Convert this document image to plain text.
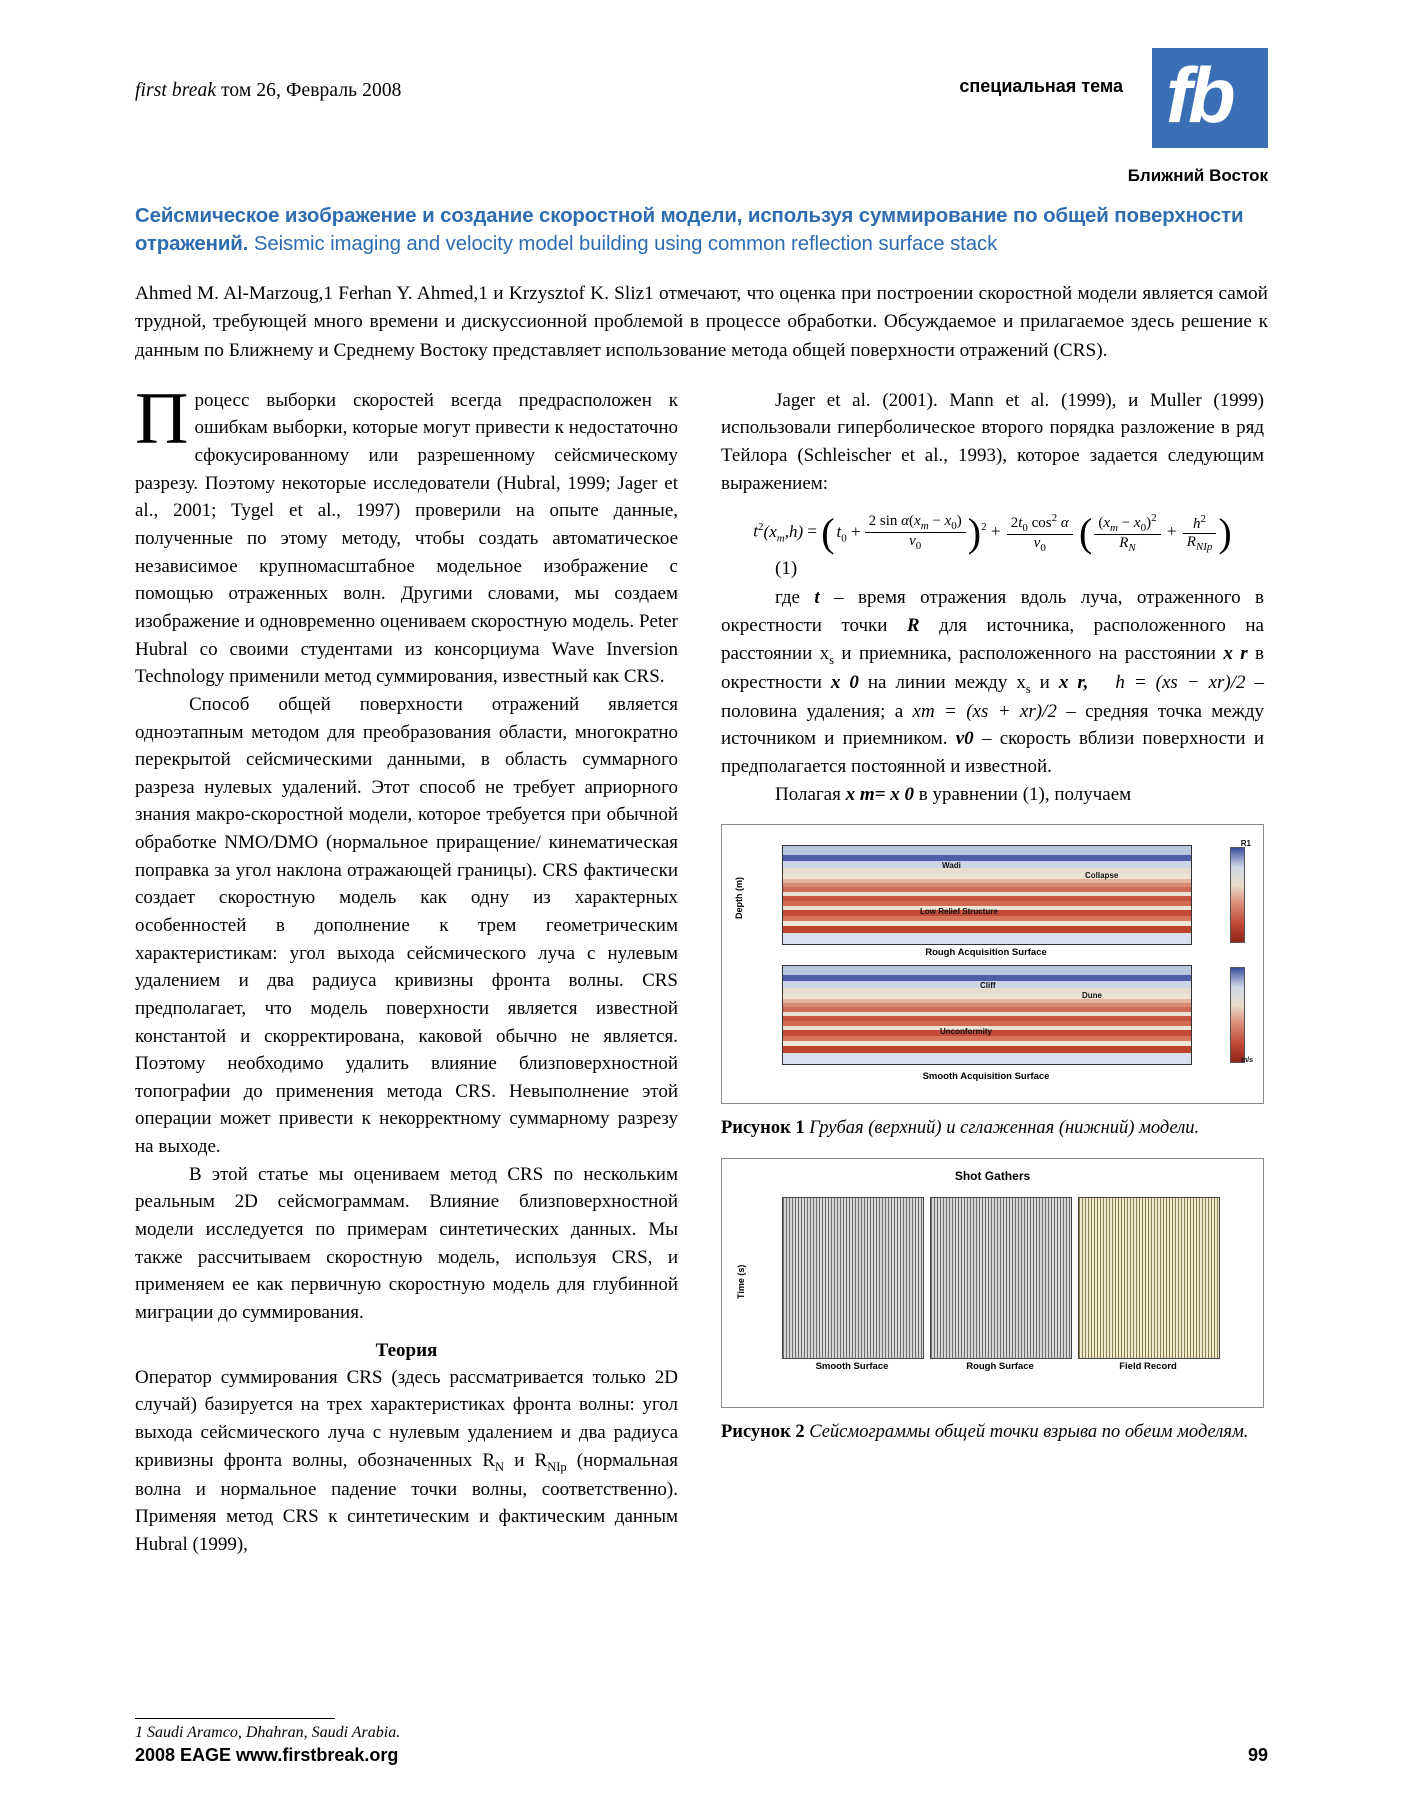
first break том 26, Февраль 2008	специальная тема fb
Ближний Восток
Сейсмическое изображение и создание скоростной модели, используя суммирование по общей поверхности отражений. Seismic imaging and velocity model building using common reflection surface stack
Ahmed M. Al-Marzoug,1 Ferhan Y. Ahmed,1 и Krzysztof K. Sliz1 отмечают, что оценка при построении скоростной модели является самой трудной, требующей много времени и дискуссионной проблемой в процессе обработки. Обсуждаемое и прилагаемое здесь решение к данным по Ближнему и Среднему Востоку представляет использование метода общей поверхности отражений (CRS).

Процесс выборки скоростей всегда предрасположен к ошибкам выборки, которые могут привести к недостаточно сфокусированному или разрешенному сейсмическому разрезу. Поэтому некоторые исследователи (Hubral, 1999; Jager et al., 2001; Tygel et al., 1997) проверили на опыте данные, полученные по этому методу, чтобы создать автоматическое независимое крупномасштабное модельное изображение с помощью отраженных волн. Другими словами, мы создаем изображение и одновременно оцениваем скоростную модель. Peter Hubral со своими студентами из консорциума Wave Inversion Technology применили метод суммирования, известный как CRS.

Способ общей поверхности отражений является одноэтапным методом для преобразования области, многократно перекрытой сейсмическими данными, в область суммарного разреза нулевых удалений. Этот способ не требует априорного знания макро-скоростной модели, которое требуется при обычной обработке NMO/DMO (нормальное приращение/ кинематическая поправка за угол наклона отражающей границы). CRS фактически создает скоростную модель как одну из характерных особенностей в дополнение к трем геометрическим характеристикам: угол выхода сейсмического луча с нулевым удалением и два радиуса кривизны фронта волны. CRS предполагает, что модель поверхности является известной константой и скорректирована, каковой обычно не является. Поэтому необходимо удалить влияние близповерхностной топографии до применения метода CRS. Невыполнение этой операции может привести к некорректному суммарному разрезу на выходе.

В этой статье мы оцениваем метод CRS по нескольким реальным 2D сейсмограммам. Влияние близповерхностной модели исследуется по примерам синтетических данных. Мы также рассчитываем скоростную модель, используя CRS, и применяем ее как первичную скоростную модель для глубинной миграции до суммирования.

Теория

Оператор суммирования CRS (здесь рассматривается только 2D случай) базируется на трех характеристиках фронта волны: угол выхода сейсмического луча с нулевым удалением и два радиуса кривизны фронта волны, обозначенных $R_N$ и $R_{NIp}$ (нормальная волна и нормальное падение точки волны, соответственно). Применяя метод CRS к синтетическим и фактическим данным Hubral (1999),

Jager et al. (2001). Mann et al. (1999), и Muller (1999) использовали гиперболическое второго порядка разложение в ряд Тейлора (Schleischer et al., 1993), которое задается следующим выражением:

$t^2(x_m,h)$ = ( $t_0 + \frac{2 \sin \alpha(x_m - x_0)}{v_0} )^2 + \frac{2t_0 \cos^2 \alpha}{v_0}$ ( $\frac{(x_m - x_0)^2}{R_N} + \frac{h^2}{R_{NIp}}$ )
(1)

где t – время отражения вдоль луча, отраженного в окрестности точки R для источника, расположенного на расстоянии $x_s$ и приемника, расположенного на расстоянии x r в окрестности x 0 на линии между $x_s$ и x r, h = (xs − xr)/2 – половина удаления; а xm = (xs + xr)/2 – средняя точка между источником и приемником. v0 – скорость вблизи поверхности и предполагается постоянной и известной.

Полагая x m= x 0 в уравнении (1), получаем

Depth (m)
Wadi
Collapse
Low Relief Structure
R1
Rough Acquisition Surface
Cliff
Dune
Unconformity
m/s
Smooth Acquisition Surface
Рисунок 1 Грубая (верхний) и сглаженная (нижний) модели.
Shot Gathers
Time (s)
Smooth Surface	Rough Surface	Field Record
Рисунок 2 Сейсмограммы общей точки взрыва по обеим моделям.
1 Saudi Aramco, Dhahran, Saudi Arabia.
2008 EAGE www.firstbreak.org	99
